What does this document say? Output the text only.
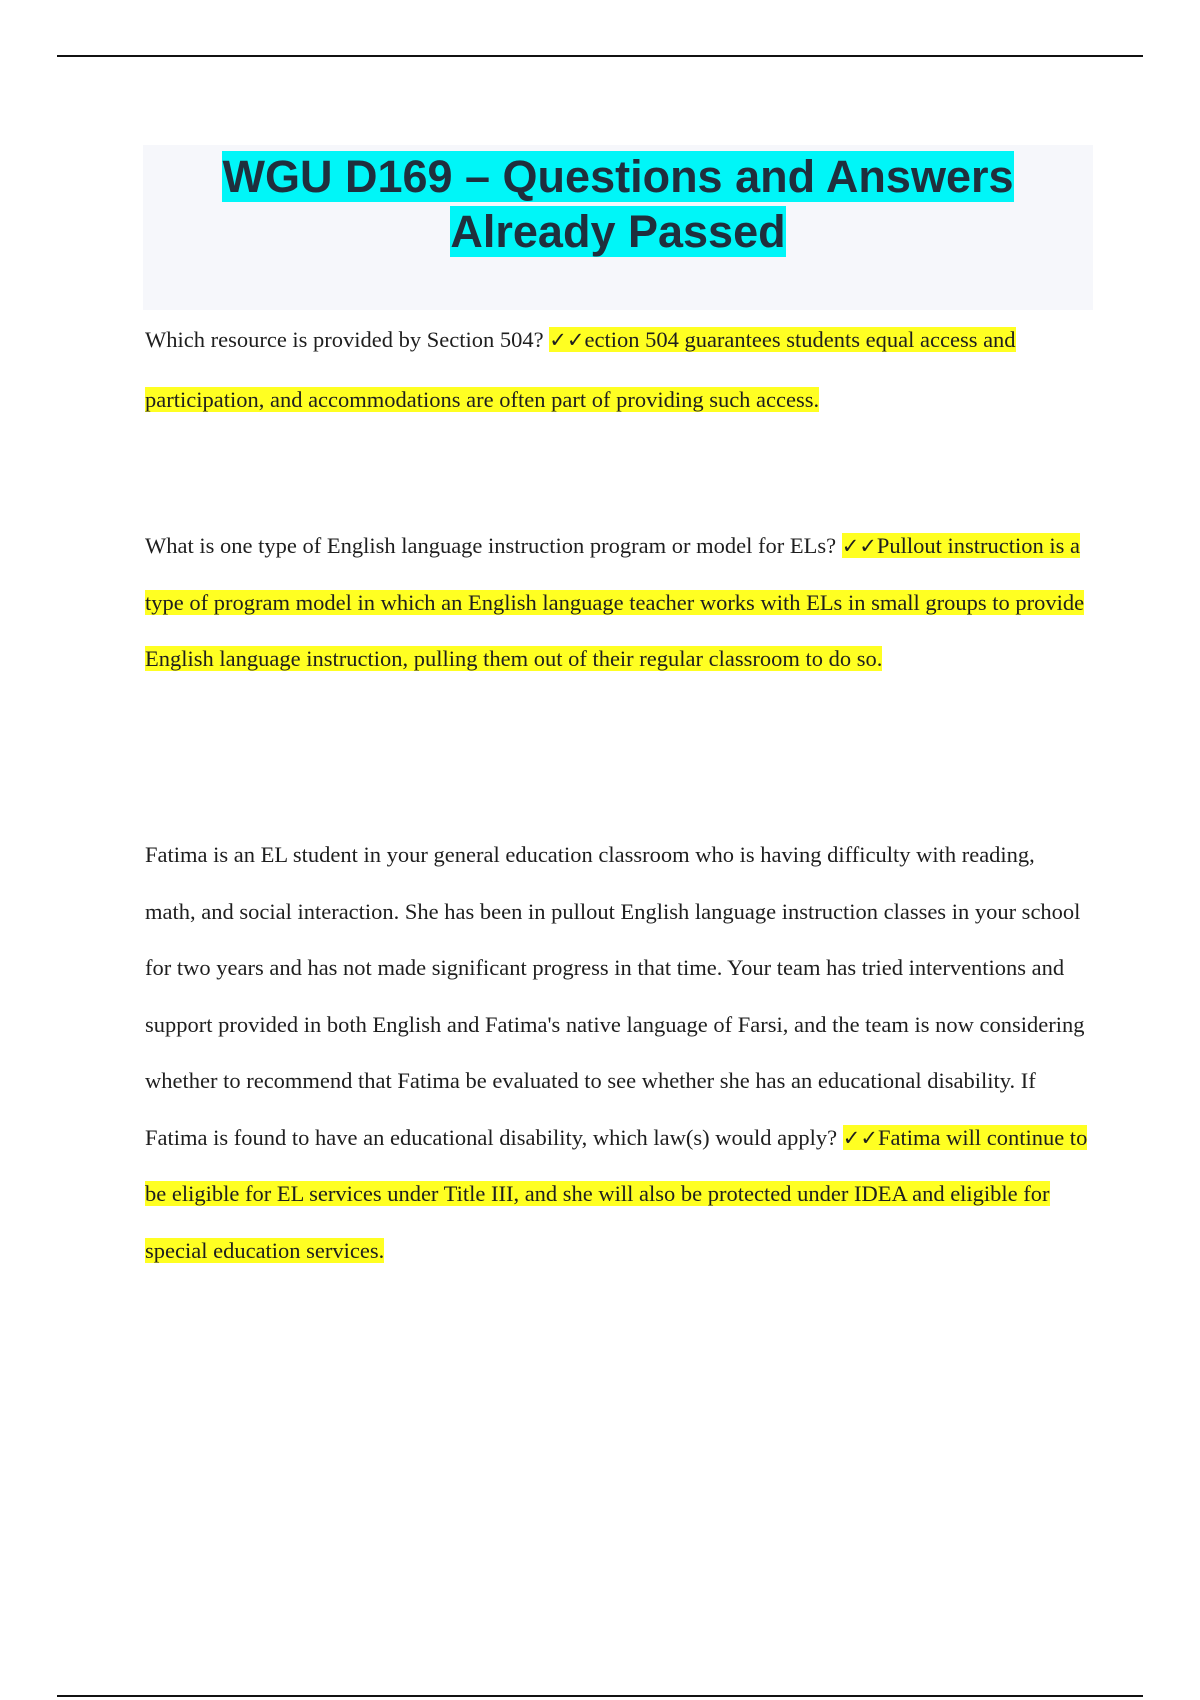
WGU D169 – Questions and Answers
Already Passed
Which resource is provided by Section 504? ✓✓ection 504 guarantees students equal access and participation, and accommodations are often part of providing such access.
What is one type of English language instruction program or model for ELs? ✓✓Pullout instruction is a type of program model in which an English language teacher works with ELs in small groups to provide English language instruction, pulling them out of their regular classroom to do so.
Fatima is an EL student in your general education classroom who is having difficulty with reading, math, and social interaction. She has been in pullout English language instruction classes in your school for two years and has not made significant progress in that time. Your team has tried interventions and support provided in both English and Fatima's native language of Farsi, and the team is now considering whether to recommend that Fatima be evaluated to see whether she has an educational disability. If Fatima is found to have an educational disability, which law(s) would apply? ✓✓Fatima will continue to be eligible for EL services under Title III, and she will also be protected under IDEA and eligible for special education services.
